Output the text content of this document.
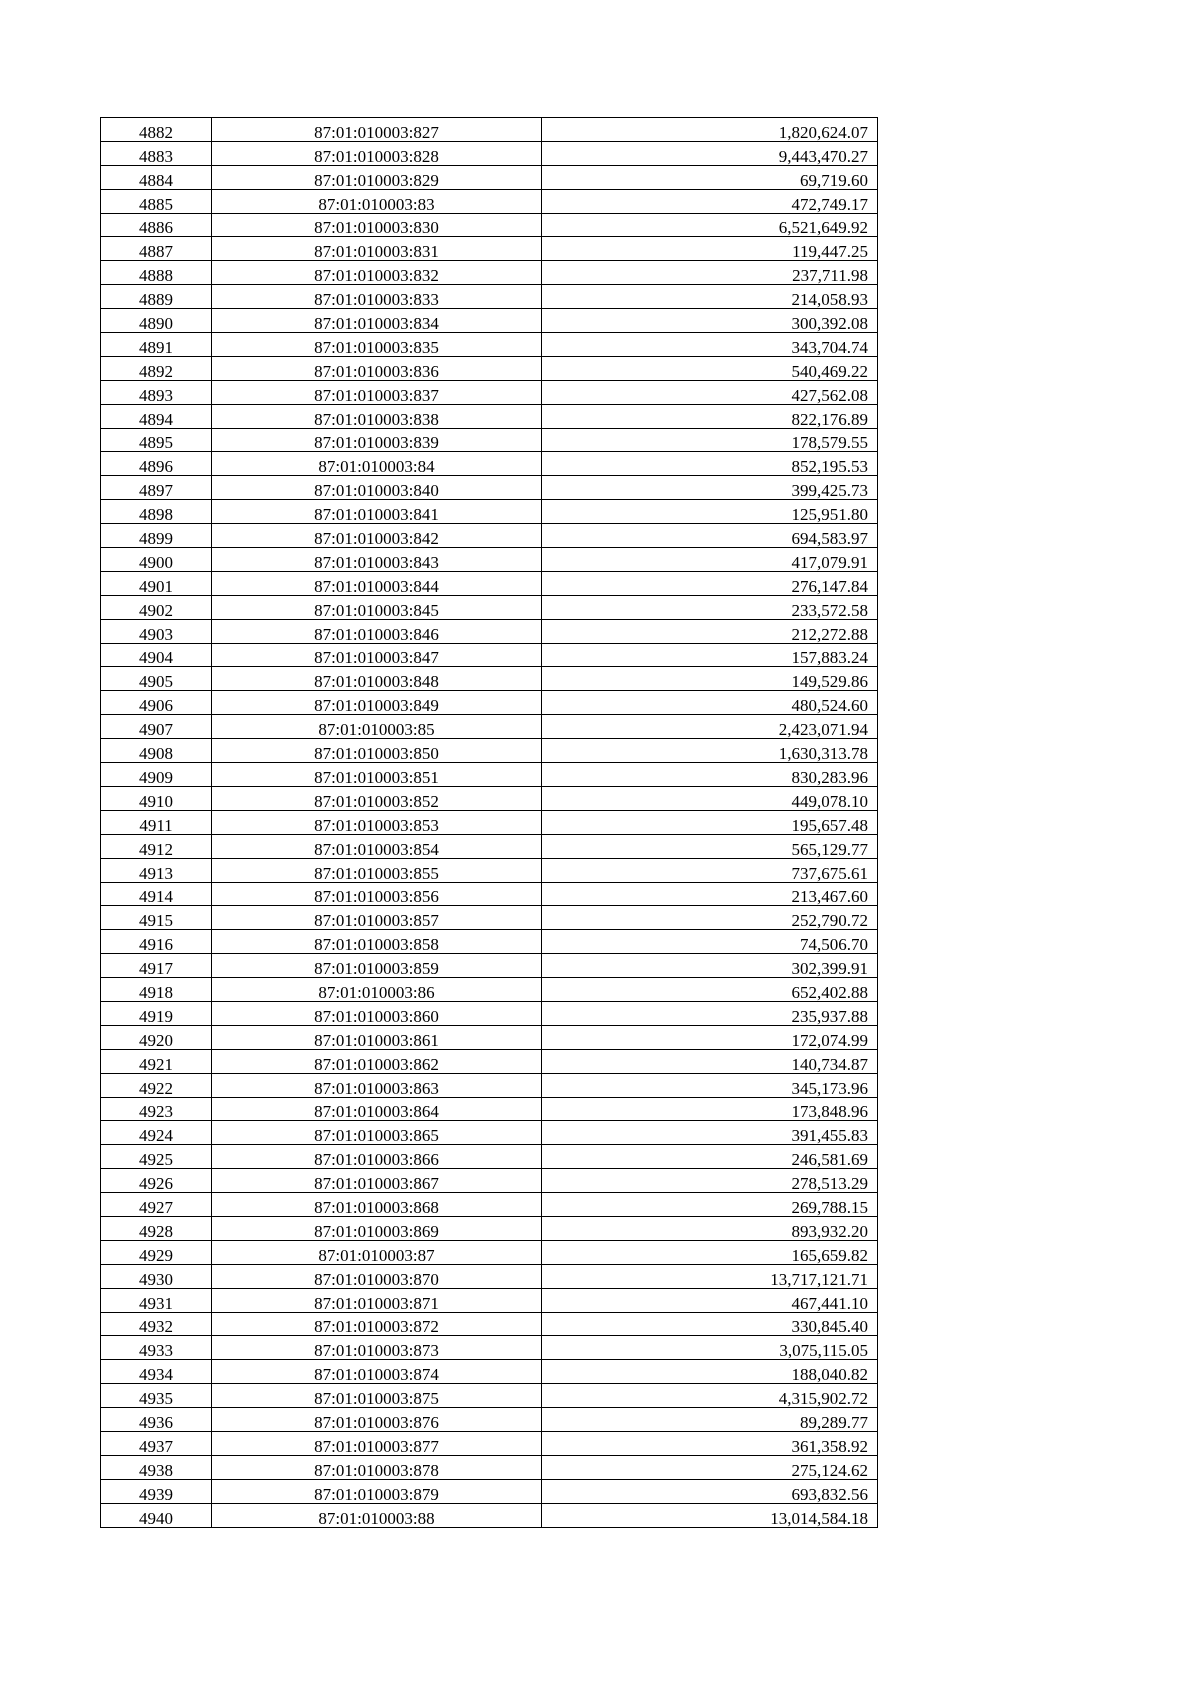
4882	87:01:010003:827	1,820,624.07
4883	87:01:010003:828	9,443,470.27
4884	87:01:010003:829	69,719.60
4885	87:01:010003:83	472,749.17
4886	87:01:010003:830	6,521,649.92
4887	87:01:010003:831	119,447.25
4888	87:01:010003:832	237,711.98
4889	87:01:010003:833	214,058.93
4890	87:01:010003:834	300,392.08
4891	87:01:010003:835	343,704.74
4892	87:01:010003:836	540,469.22
4893	87:01:010003:837	427,562.08
4894	87:01:010003:838	822,176.89
4895	87:01:010003:839	178,579.55
4896	87:01:010003:84	852,195.53
4897	87:01:010003:840	399,425.73
4898	87:01:010003:841	125,951.80
4899	87:01:010003:842	694,583.97
4900	87:01:010003:843	417,079.91
4901	87:01:010003:844	276,147.84
4902	87:01:010003:845	233,572.58
4903	87:01:010003:846	212,272.88
4904	87:01:010003:847	157,883.24
4905	87:01:010003:848	149,529.86
4906	87:01:010003:849	480,524.60
4907	87:01:010003:85	2,423,071.94
4908	87:01:010003:850	1,630,313.78
4909	87:01:010003:851	830,283.96
4910	87:01:010003:852	449,078.10
4911	87:01:010003:853	195,657.48
4912	87:01:010003:854	565,129.77
4913	87:01:010003:855	737,675.61
4914	87:01:010003:856	213,467.60
4915	87:01:010003:857	252,790.72
4916	87:01:010003:858	74,506.70
4917	87:01:010003:859	302,399.91
4918	87:01:010003:86	652,402.88
4919	87:01:010003:860	235,937.88
4920	87:01:010003:861	172,074.99
4921	87:01:010003:862	140,734.87
4922	87:01:010003:863	345,173.96
4923	87:01:010003:864	173,848.96
4924	87:01:010003:865	391,455.83
4925	87:01:010003:866	246,581.69
4926	87:01:010003:867	278,513.29
4927	87:01:010003:868	269,788.15
4928	87:01:010003:869	893,932.20
4929	87:01:010003:87	165,659.82
4930	87:01:010003:870	13,717,121.71
4931	87:01:010003:871	467,441.10
4932	87:01:010003:872	330,845.40
4933	87:01:010003:873	3,075,115.05
4934	87:01:010003:874	188,040.82
4935	87:01:010003:875	4,315,902.72
4936	87:01:010003:876	89,289.77
4937	87:01:010003:877	361,358.92
4938	87:01:010003:878	275,124.62
4939	87:01:010003:879	693,832.56
4940	87:01:010003:88	13,014,584.18
